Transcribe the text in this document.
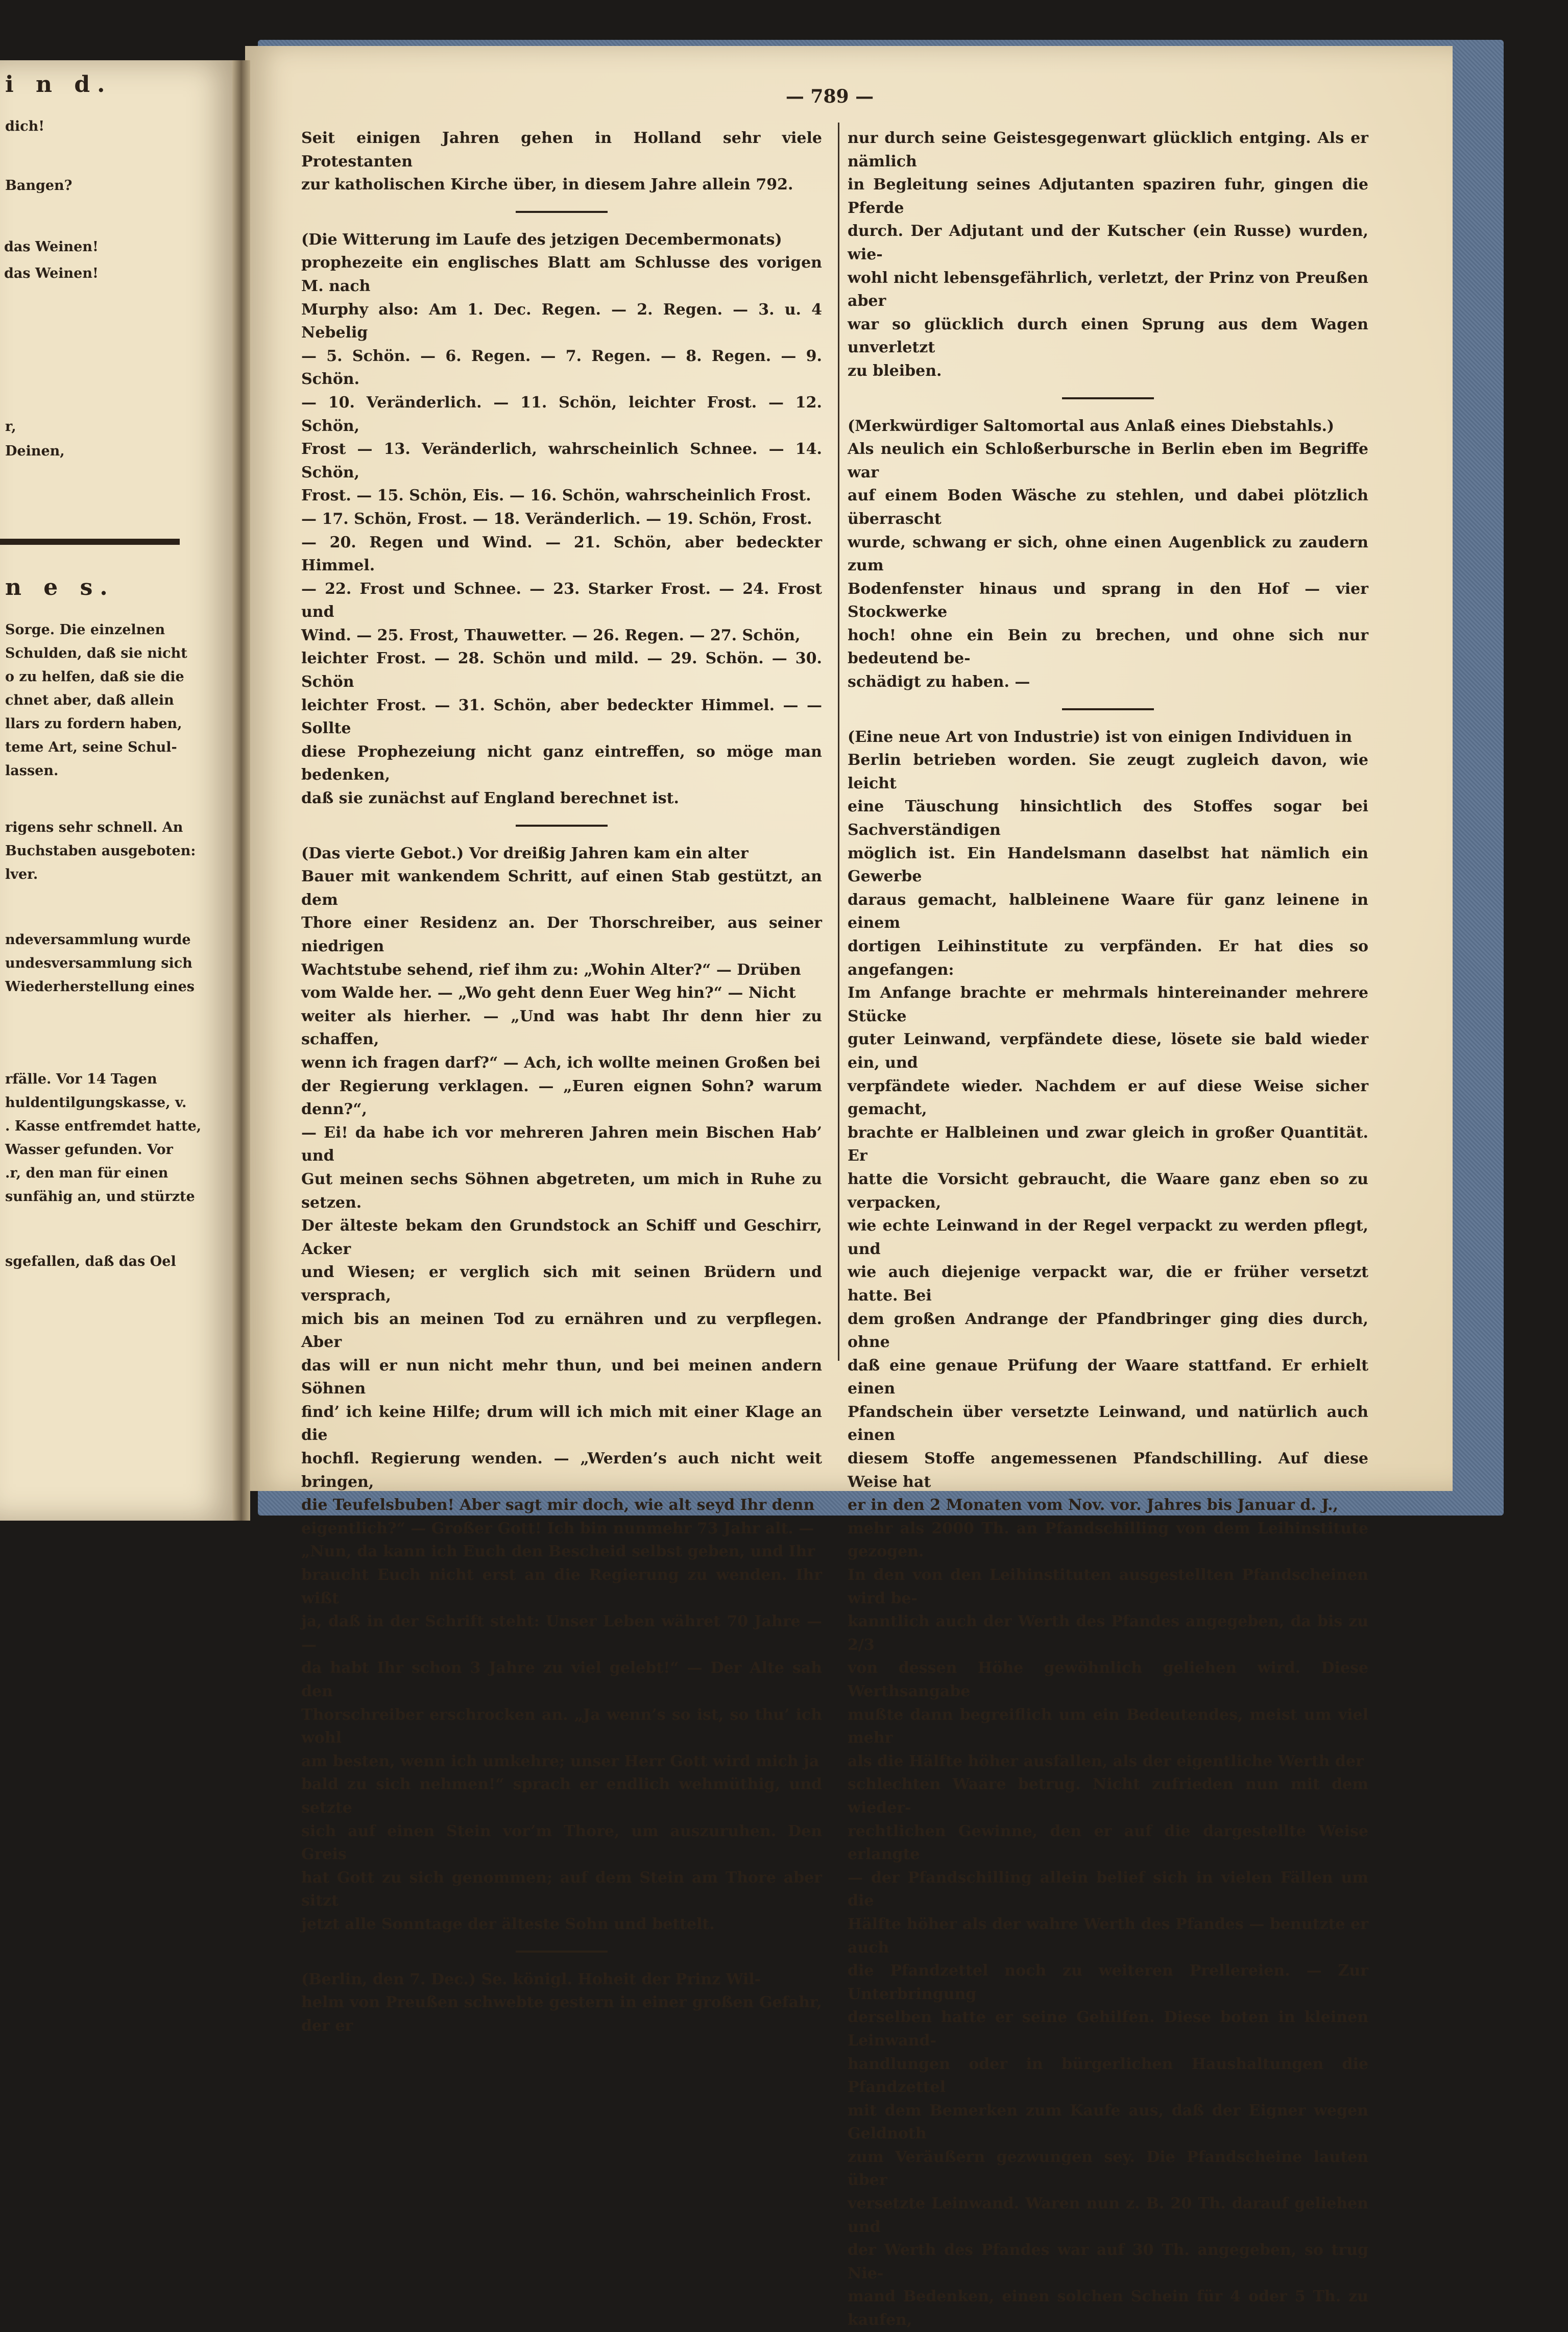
i n d.
dich!
Bangen?
das Weinen!
das Weinen!
r,
Deinen,
n e s.
Sorge. Die einzelnen
Schulden, daß sie nicht
o zu helfen, daß sie die
chnet aber, daß allein
llars zu fordern haben,
teme Art, seine Schul-
lassen.
rigens sehr schnell. An
Buchstaben ausgeboten:
lver.
ndeversammlung wurde
undesversammlung sich
Wiederherstellung eines
rfälle. Vor 14 Tagen
huldentilgungskasse, v.
. Kasse entfremdet hatte,
Wasser gefunden. Vor
.r, den man für einen
sunfähig an, und stürzte
sgefallen, daß das Oel
— 789 —

Seit einigen Jahren gehen in Holland sehr viele Protestanten
zur katholischen Kirche über, in diesem Jahre allein 792.

(Die Witterung im Laufe des jetzigen Decembermonats)
prophezeite ein englisches Blatt am Schlusse des vorigen M. nach
Murphy also: Am 1. Dec. Regen. — 2. Regen. — 3. u. 4 Nebelig
— 5. Schön. — 6. Regen. — 7. Regen. — 8. Regen. — 9. Schön.
— 10. Veränderlich. — 11. Schön, leichter Frost. — 12. Schön,
Frost — 13. Veränderlich, wahrscheinlich Schnee. — 14. Schön,
Frost. — 15. Schön, Eis. — 16. Schön, wahrscheinlich Frost.
— 17. Schön, Frost. — 18. Veränderlich. — 19. Schön, Frost.
— 20. Regen und Wind. — 21. Schön, aber bedeckter Himmel.
— 22. Frost und Schnee. — 23. Starker Frost. — 24. Frost und
Wind. — 25. Frost, Thauwetter. — 26. Regen. — 27. Schön,
leichter Frost. — 28. Schön und mild. — 29. Schön. — 30. Schön
leichter Frost. — 31. Schön, aber bedeckter Himmel. — — Sollte
diese Prophezeiung nicht ganz eintreffen, so möge man bedenken,
daß sie zunächst auf England berechnet ist.

(Das vierte Gebot.) Vor dreißig Jahren kam ein alter
Bauer mit wankendem Schritt, auf einen Stab gestützt, an dem
Thore einer Residenz an. Der Thorschreiber, aus seiner niedrigen
Wachtstube sehend, rief ihm zu: „Wohin Alter?“ — Drüben
vom Walde her. — „Wo geht denn Euer Weg hin?“ — Nicht
weiter als hierher. — „Und was habt Ihr denn hier zu schaffen,
wenn ich fragen darf?“ — Ach, ich wollte meinen Großen bei
der Regierung verklagen. — „Euren eignen Sohn? warum denn?“,
— Ei! da habe ich vor mehreren Jahren mein Bischen Hab’ und
Gut meinen sechs Söhnen abgetreten, um mich in Ruhe zu setzen.
Der älteste bekam den Grundstock an Schiff und Geschirr, Acker
und Wiesen; er verglich sich mit seinen Brüdern und versprach,
mich bis an meinen Tod zu ernähren und zu verpflegen. Aber
das will er nun nicht mehr thun, und bei meinen andern Söhnen
find’ ich keine Hilfe; drum will ich mich mit einer Klage an die
hochfl. Regierung wenden. — „Werden’s auch nicht weit bringen,
die Teufelsbuben! Aber sagt mir doch, wie alt seyd Ihr denn
eigentlich?“ — Großer Gott! Ich bin nunmehr 73 Jahr alt. —
„Nun, da kann ich Euch den Bescheid selbst geben, und Ihr
braucht Euch nicht erst an die Regierung zu wenden. Ihr wißt
ja, daß in der Schrift steht: Unser Leben währet 70 Jahre — —
da habt Ihr schon 3 Jahre zu viel gelebt!“ — Der Alte sah den
Thorschreiber erschrocken an. „Ja wenn’s so ist, so thu’ ich wohl
am besten, wenn ich umkehre; unser Herr Gott wird mich ja
bald zu sich nehmen!“ sprach er endlich wehmüthig, und setzte
sich auf einen Stein vor’m Thore, um auszuruhen. Den Greis
hat Gott zu sich genommen; auf dem Stein am Thore aber sitzt
jetzt alle Sonntage der älteste Sohn und bettelt.

(Berlin, den 7. Dec.) Se. königl. Hoheit der Prinz Wil-
helm von Preußen schwebte gestern in einer großen Gefahr, der er

nur durch seine Geistesgegenwart glücklich entging. Als er nämlich
in Begleitung seines Adjutanten spaziren fuhr, gingen die Pferde
durch. Der Adjutant und der Kutscher (ein Russe) wurden, wie-
wohl nicht lebensgefährlich, verletzt, der Prinz von Preußen aber
war so glücklich durch einen Sprung aus dem Wagen unverletzt
zu bleiben.

(Merkwürdiger Saltomortal aus Anlaß eines Diebstahls.)
Als neulich ein Schloßerbursche in Berlin eben im Begriffe war
auf einem Boden Wäsche zu stehlen, und dabei plötzlich überrascht
wurde, schwang er sich, ohne einen Augenblick zu zaudern zum
Bodenfenster hinaus und sprang in den Hof — vier Stockwerke
hoch! ohne ein Bein zu brechen, und ohne sich nur bedeutend be-
schädigt zu haben. —

(Eine neue Art von Industrie) ist von einigen Individuen in
Berlin betrieben worden. Sie zeugt zugleich davon, wie leicht
eine Täuschung hinsichtlich des Stoffes sogar bei Sachverständigen
möglich ist. Ein Handelsmann daselbst hat nämlich ein Gewerbe
daraus gemacht, halbleinene Waare für ganz leinene in einem
dortigen Leihinstitute zu verpfänden. Er hat dies so angefangen:
Im Anfange brachte er mehrmals hintereinander mehrere Stücke
guter Leinwand, verpfändete diese, lösete sie bald wieder ein, und
verpfändete wieder. Nachdem er auf diese Weise sicher gemacht,
brachte er Halbleinen und zwar gleich in großer Quantität. Er
hatte die Vorsicht gebraucht, die Waare ganz eben so zu verpacken,
wie echte Leinwand in der Regel verpackt zu werden pflegt, und
wie auch diejenige verpackt war, die er früher versetzt hatte. Bei
dem großen Andrange der Pfandbringer ging dies durch, ohne
daß eine genaue Prüfung der Waare stattfand. Er erhielt einen
Pfandschein über versetzte Leinwand, und natürlich auch einen
diesem Stoffe angemessenen Pfandschilling. Auf diese Weise hat
er in den 2 Monaten vom Nov. vor. Jahres bis Januar d. J.,
mehr als 2000 Th. an Pfandschilling von dem Leihinstitute gezogen.
In den von den Leihinstituten ausgestellten Pfandscheinen wird be-
kanntlich auch der Werth des Pfandes angegeben, da bis zu 2/3
von dessen Höhe gewöhnlich geliehen wird. Diese Werthsangabe
mußte dann begreiflich um ein Bedeutendes, meist um viel mehr
als die Hälfte höher ausfallen, als der eigentliche Werth der
schlechten Waare betrug. Nicht zufrieden nun mit dem wieder-
rechtlichen Gewinne, den er auf die dargestellte Weise erlangte
— der Pfandschilling allein belief sich in vielen Fällen um die
Hälfte höher als der wahre Werth des Pfandes — benutzte er auch
die Pfandzettel noch zu weiteren Prellereien. — Zur Unterbringung
derselben hatte er seine Gehilfen. Diese boten in kleinen Leinwand-
handlungen oder in bürgerlichen Haushaltungen die Pfandzettel
mit dem Bemerken zum Kaufe aus, daß der Eigner wegen Geldnoth
zum Veräußern gezwungen sey. Die Pfandscheine lauten über
versetzte Leinwand. Waren nun z. B. 20 Th. darauf geliehen und
der Werth des Pfandes war auf 30 Th. angegeben, so trug Nie-
mand Bedenken, einen solchen Schein für 4 oder 5 Th. zu kaufen,
